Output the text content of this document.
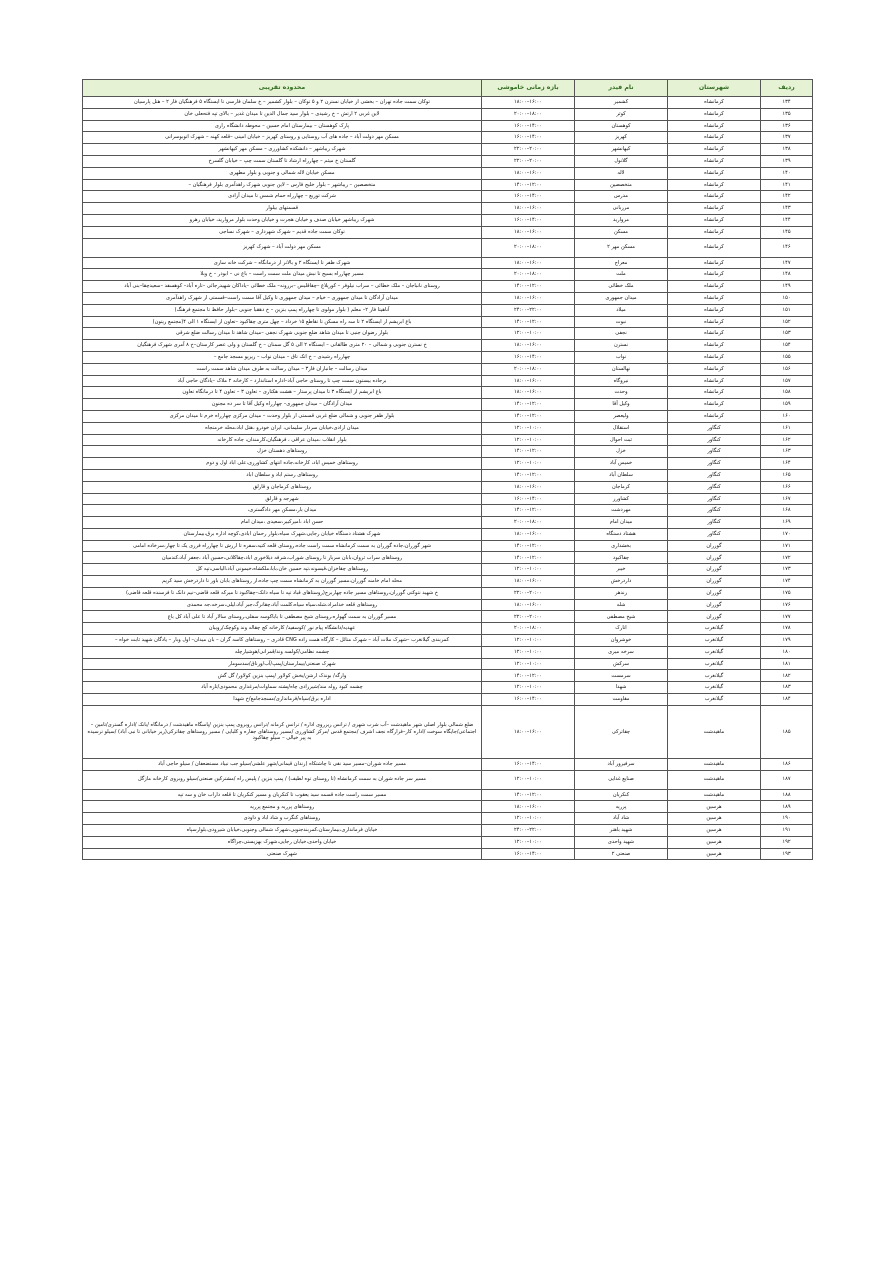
ردیف	شهرستان	نام فیدر	بازه زمانی خاموشی	محدوده تقریبی
۱۳۴	کرمانشاه	کشمیر	۱۶:۰۰–۱۸:۰۰	توکان سمت جاده تهران – بخشی از خیابان نسترن ۲ و ۵ توکان – بلوار کشمیر – خ سلمان فارسی تا ایستگاه ۵ فرهنگیان فاز ۲ – هتل پارسیان
۱۳۵	کرمانشاه	کوثر	۱۸:۰۰–۲۰:۰۰	لاین غربی ۲ ارتش – خ رشیدی – بلوار سید جمال الدین تا میدان غدیر – بالای تپه فتحعلی خان
۱۳۶	کرمانشاه	کوهستان	۱۴:۰۰–۱۶:۰۰	پارک کوهستان – بیمارستان امام حسین – محوطه دانشگاه رازی
۱۳۷	کرمانشاه	کهریز	۱۴:۰۰–۱۶:۰۰	مسکن مهر دولت آباد – جاده های آب روستایی و روستای کهریز – خیابان امینی –قلعه کهنه – شهرک اتوبوسرانی
۱۳۸	کرمانشاه	کیهانشهر	۲۰:۰۰–۲۲:۰۰	شهرک زیباشهر – دانشکده کشاورزی – مسکن مهر کیهانشهر
۱۳۹	کرمانشاه	گلانول	۲۰:۰۰–۲۲:۰۰	گلستان خ میثم – چهارراه ارشاد تا گلستان سمت چپ – خیابان گلسرخ
۱۴۰	کرمانشاه	لاله	۱۶:۰۰–۱۸:۰۰	مسکن خیابان لاله شمالی و جنوبی و بلوار مطهری
۱۴۱	کرمانشاه	متخصصین	۱۲:۰۰–۱۴:۰۰	متخصصین – زیباشهر – بلوار خلیج فارس – لاین جنوبی شهرک زاهدآمری بلوار فرهنگیان –
۱۴۲	کرمانشاه	مدرس	۱۴:۰۰–۱۶:۰۰	شرکت توزیع – چهارراه حمام شمس تا میدان آزادی
۱۴۳	کرمانشاه	مرزبانی	۱۶:۰۰–۱۸:۰۰	قسمتهای بیلوار
۱۴۴	کرمانشاه	مروارید	۱۴:۰۰–۱۶:۰۰	شهرک زیباشهر خیابان صدف و خیابان هجرت و خیابان وحدت بلوار مروارید، خیابان زهرو
۱۴۵	کرمانشاه	مسکن	۱۶:۰۰–۱۸:۰۰	توکان سمت جاده قدیم – شهرک شهرداری – شهرک نساجی
۱۴۶	کرمانشاه	مسکن مهر ۲	۱۸:۰۰–۲۰:۰۰	مسکن مهر دولت آباد – شهرک کهریز
۱۴۷	کرمانشاه	معراج	۱۶:۰۰–۱۸:۰۰	شهرک ظفر تا ایستگاه ۲ و بالاتر از درمانگاه – شرکت خانه سازی
۱۴۸	کرمانشاه	ملت	۱۸:۰۰–۲۰:۰۰	مسیر چهارراه بسیج تا نبش میدان ملت سمت راست – باغ نی – ابوذر – خ وبلا
۱۴۹	کرمانشاه	ملک خطائی	۱۲:۰۰–۱۴:۰۰	روستای نانباجان – ملک خطائی – سراب نیلوفر – کوریلاغ –چقاقلیس –برزونه– ملک خطائی –یاداکان شهیدرجائی –تازه آباد– کوهسفد –سعیدچقا–بنی آباد
۱۵۰	کرمانشاه	میدان جمهوری	۱۶:۰۰–۱۸:۰۰	میدان آزادگان تا میدان جمهوری – خیام – میدان جمهوری تا وکیل آقا سمت راست–قسمتی از شهرک زاهدآمری
۱۵۱	کرمانشاه	میلاد	۲۲:۰۰–۲۴:۰۰	آناهیتا فاز ۲– معلم ( بلوار مولوی تا چهارراه پمپ بنزین – خ دهقبا جنوبی –بلوار حافظ تا مجتمع فرهنگ)
۱۵۲	کرمانشاه	نبوت	۱۲:۰۰–۱۴:۰۰	باغ ابریشم از ایستگاه ۲ تا سه راه مسکن تا تقاطع ۱۵ خرداد – چهل متری چقاکبود –تعاون از ایستگاه ۱ الی ۴(مجتمع زیتون)
۱۵۳	کرمانشاه	نجفی	۱۰:۰۰–۱۲:۰۰	بلوار رضوان جنبی تا میدان شاهد ضلع جنوبی شهرک نجفی –میدان شاهد تا میدان رسالت ضلع شرقی
۱۵۴	کرمانشاه	نسترن	۱۶:۰۰–۱۸:۰۰	خ نسترن جنوبی و شمالی – ۲۰ متری طالقانی – ایستگاه ۲ الی ۵ گل سمنان – خ گلستان و ولی عصر کارستان–خ ۸ آمری شهرک فرهنگیان
۱۵۵	کرمانشاه	نواب	۱۴:۰۰–۱۶:۰۰	چهارراه رشیدی – خ اتک تاق – میدان نواب – زیرپو مسجد جامع –
۱۵۶	کرمانشاه	نهالستان	۱۸:۰۰–۲۰:۰۰	میدان رسالت – جانبازان فاز۳ – میدان رسالت به طرف میدان شاهد سمت راست
۱۵۷	کرمانشاه	نیروگاه	۱۶:۰۰–۱۸:۰۰	برجاده بیستون سمت چپ تا روستای حاجی آباد–اداره استاندارد – کارخانه ۲ ملاک –یادگان حاجی آباد
۱۵۸	کرمانشاه	وحدت	۱۶:۰۰–۱۸:۰۰	باغ ابریشم از ایستگاه ۳ تا میدان پرستار – هشت هکتاری – تعاون ۳ – تعاون ۴ تا درمانگاه تعاون
۱۵۹	کرمانشاه	وکیل آقا	۱۲:۰۰–۱۴:۰۰	میدان آزادگان – میدان جمهوری– چهارراه وکیل آقا تا سر ده مجنون
۱۶۰	کرمانشاه	ولیعصر	۱۲:۰۰–۱۴:۰۰	بلوار ظفر جنوبی و شمالی ضلع غربی قسمتی از بلوار وحدت – میدان مرکزی چهارراه خرم تا میدان مرکزی
۱۶۱	کنگاور	استقلال	۱۰:۰۰–۱۲:۰۰	میدان ازادی،خیابان سردار سلیمانی، ایران خودرو ،هتل اباد،محله خرمنجاه
۱۶۲	کنگاور	ثبت احوال	۱۰:۰۰–۱۲:۰۰	بلوار انقلاب ،میدان عراقی ، فرهنگیان،کارمندان، جاده کارخانه
۱۶۳	کنگاور	خزل	۱۲:۰۰–۱۴:۰۰	روستاهای دهستان خزل
۱۶۴	کنگاور	خمیس آباد	۱۰:۰۰–۱۲:۰۰	روستاهای خمیس اباد، کارخانه،جاده انتهای کشاورزی،علی اباد اول و دوم
۱۶۵	کنگاور	سلطان آباد	۱۲:۰۰–۱۴:۰۰	روستاهای رستم اباد و سلطان اباد
۱۶۶	کنگاور	کرماجان	۱۶:۰۰–۱۸:۰۰	روستاهای کرماجان و قارلق
۱۶۷	کنگاور	کشاورز	۱۴:۰۰–۱۶:۰۰	شهرجه و قارلق
۱۶۸	کنگاور	مهردشت	۱۲:۰۰–۱۴:۰۰	میدان بار،مسکن مهر دادگستری،
۱۶۹	کنگاور	میدان امام	۱۸:۰۰–۲۰:۰۰	حسن اباد ،امیرکبیر،سعیدی ،میدان امام
۱۷۰	کنگاور	هشتاد دستگاه	۱۶:۰۰–۱۸:۰۰	شهرک هشتاد دستگاه خیابان رجایی،شهرک سیاه،بلوار رحمان ابادی،کوچه اداره برق،بیمارستان
۱۷۱	گوزران	بخشداری	۱۲:۰۰–۱۴:۰۰	شهر گوزران،جاده گوزران به سمت کرمانشاه سمت راست جاده،روستای قلعه کتیه،سفره تا ارزش تا چهارراه فرزی یک تا چهار،سرخاده امامی
۱۷۲	گوزران	چقاکبود	۱۲:۰۰–۱۴:۰۰	روستاهای سراب ثروان،بابان سرباز تا روستای شوراب،شرفه دیلاخوری اباد،چقاکلانی،حسین آباد ،جعفر آباد،کندمیان
۱۷۳	گوزران	خیبر	۱۰:۰۰–۱۲:۰۰	روستاهای چقاخزان،قیسونه،تپه حسین خان،بابا،ملکشاه،خیمونی آباد،الیاسی،تپه کل
۱۷۴	گوزران	داردرخش	۱۶:۰۰–۱۸:۰۰	محله امام خامنه گوزران،مسیر گوزران به کرمانشاه سمت چپ جاده،از روستاهای بابان باور تا داردرخش سید کریم
۱۷۵	گوزران	زندهر	۲۰:۰۰–۲۲:۰۰	خ شهید نتوکتی گوزران،روستاهای مسیر جاده چهاربرج(روستاهای قباد تپه تا سیاه دانک–چقاکبود تا میرکه قلعه قاضی–نیم دانک تا فرسنده قلعه قاضی)
۱۷۶	گوزران	شله	۱۶:۰۰–۱۸:۰۰	روستاهای قلعه خدامراد،شله،سیاه سیاه،کلمت آباد،چقانرگ،جبر آباد،لیلی،سرخه،جه محمدی
۱۷۷	گوزران	شیخ مصطفی	۲۰:۰۰–۲۲:۰۰	مسیر گوزران به سمت گهواره،روستای شیخ مصطفی تا باباکوسه سفلی،روستای سالار آباد تا علی آباد کل باغ
۱۷۸	گیلانغرب	اتارک	۱۸:۰۰–۲۰:۰۰	عهدیه/دانشگاه پیام نور /کوسفید/ کارخانه کچ چقاله وند وکوچک/رویبان
۱۷۹	گیلانغرب	خوشروان	۱۰:۰۰–۱۲:۰۰	کمربندی گیلانغرب –شهرک ملات آباد – شهرک متائل – کارگاه همت زاده CNG قادری – روستاهای کاسه گران – بان میدان– اول وبار – یادگان شهید ثابت خواه –
۱۸۰	گیلانغرب	سرخه میری	۱۰:۰۰–۱۲:۰۰	چشمه نظامی/کولسه وند/قمرانی/هوشیارچله
۱۸۱	گیلانغرب	سرکش	۱۰:۰۰–۱۲:۰۰	شهرک صنعتی/بیمارستان/پمپ/آب/وزناق/سدسومار
۱۸۲	گیلانغرب	سرمست	۱۲:۰۰–۱۴:۰۰	وازگه/ بوندک ارشن/بخش کولاور /پمپ بنزین کولاور/ گل گش
۱۸۳	گیلانغرب	شهدا	۱۰:۰۰–۱۲:۰۰	چشمه کبود روله مند/شیرزادی چاه/پشته سماوات/مرغداری محمودی/تازه آباد
۱۸۴	گیلانغرب	مقاومت	۱۴:۰۰–۱۶:۰۰	اداره برق/سپاه/فرمانداری/مسجدجامع/خ شهدا
۱۸۵	ماهیدشت	چقاترکی	۱۶:۰۰–۱۸:۰۰	ضلع شمالی بلوار اصلی شهر ماهیدشت –آب شرب شهری / ترانس زیرروی اداره / ترانس کرمانه /ترانس روبروی پمپ بنزین /پاسگاه ماهیدشت / درمانگاه /بانک /اداره گستری/تامین – اجتماعی/جایگاه سوخت /اداره کار–فرارگاه نجف اشرف /مجتمع قدس /مرکز کشاورزی /مسیر روستاهای جفاره و کلبایی / مسیر روستاهای چقاترکی(زیر خیابانی تا نبی آباد) /سیلو ترسیده به پیر خیالی – سیلو چقاکبود
۱۸۶	ماهیدشت	سرفیروز آباد	۱۴:۰۰–۱۶:۰۰	مسیر جاده شوران–مسیر سید نقی تا چاشتکاه (زندان قیمانی/شهر علشی/سیلو جب نبیاد مستضعفان / سیلو حاجی آباد
۱۸۷	ماهیدشت	صنایع غذایی	۱۰:۰۰–۱۲:۰۰	مسیر سر جاده شوران به سمت کرمانشاه (تا روستای توه لطیف) / پمپ بنزین / پلیس راه /مشترکین صنعتی/سیلو روبروی کارخانه ماژگل
۱۸۸	ماهیدشت	کنکریان	۱۲:۰۰–۱۴:۰۰	مسیر سمت راست جاده قسمه سید یعقوب تا کنکریان و مسیر کنکریان تا قلعه داراب خان و سه تپه
۱۸۹	هرسین	پرریه	۱۶:۰۰–۱۸:۰۰	روستاهای پرریه و مجتمع پرریه
۱۹۰	هرسین	شاد آباد	۱۰:۰۰–۱۲:۰۰	روستاهای کنگرب و شاد اباد و داودی
۱۹۱	هرسین	شهید باهنر	۲۲:۰۰–۲۴:۰۰	خیابان فرمانداری،بیمارستان،کمربندجنوبی،شهرک شمالی وجنوبی،خیابان شیرودی،بلوارسپاه
۱۹۲	هرسین	شهید واحدی	۱۰:۰۰–۱۲:۰۰	خیابان واحدی،خیابان رجایی،شهرک بهزیستی،چراگاه
۱۹۳	هرسین	صنعتی ۲	۱۴:۰۰–۱۶:۰۰	شهرک صنعتی
